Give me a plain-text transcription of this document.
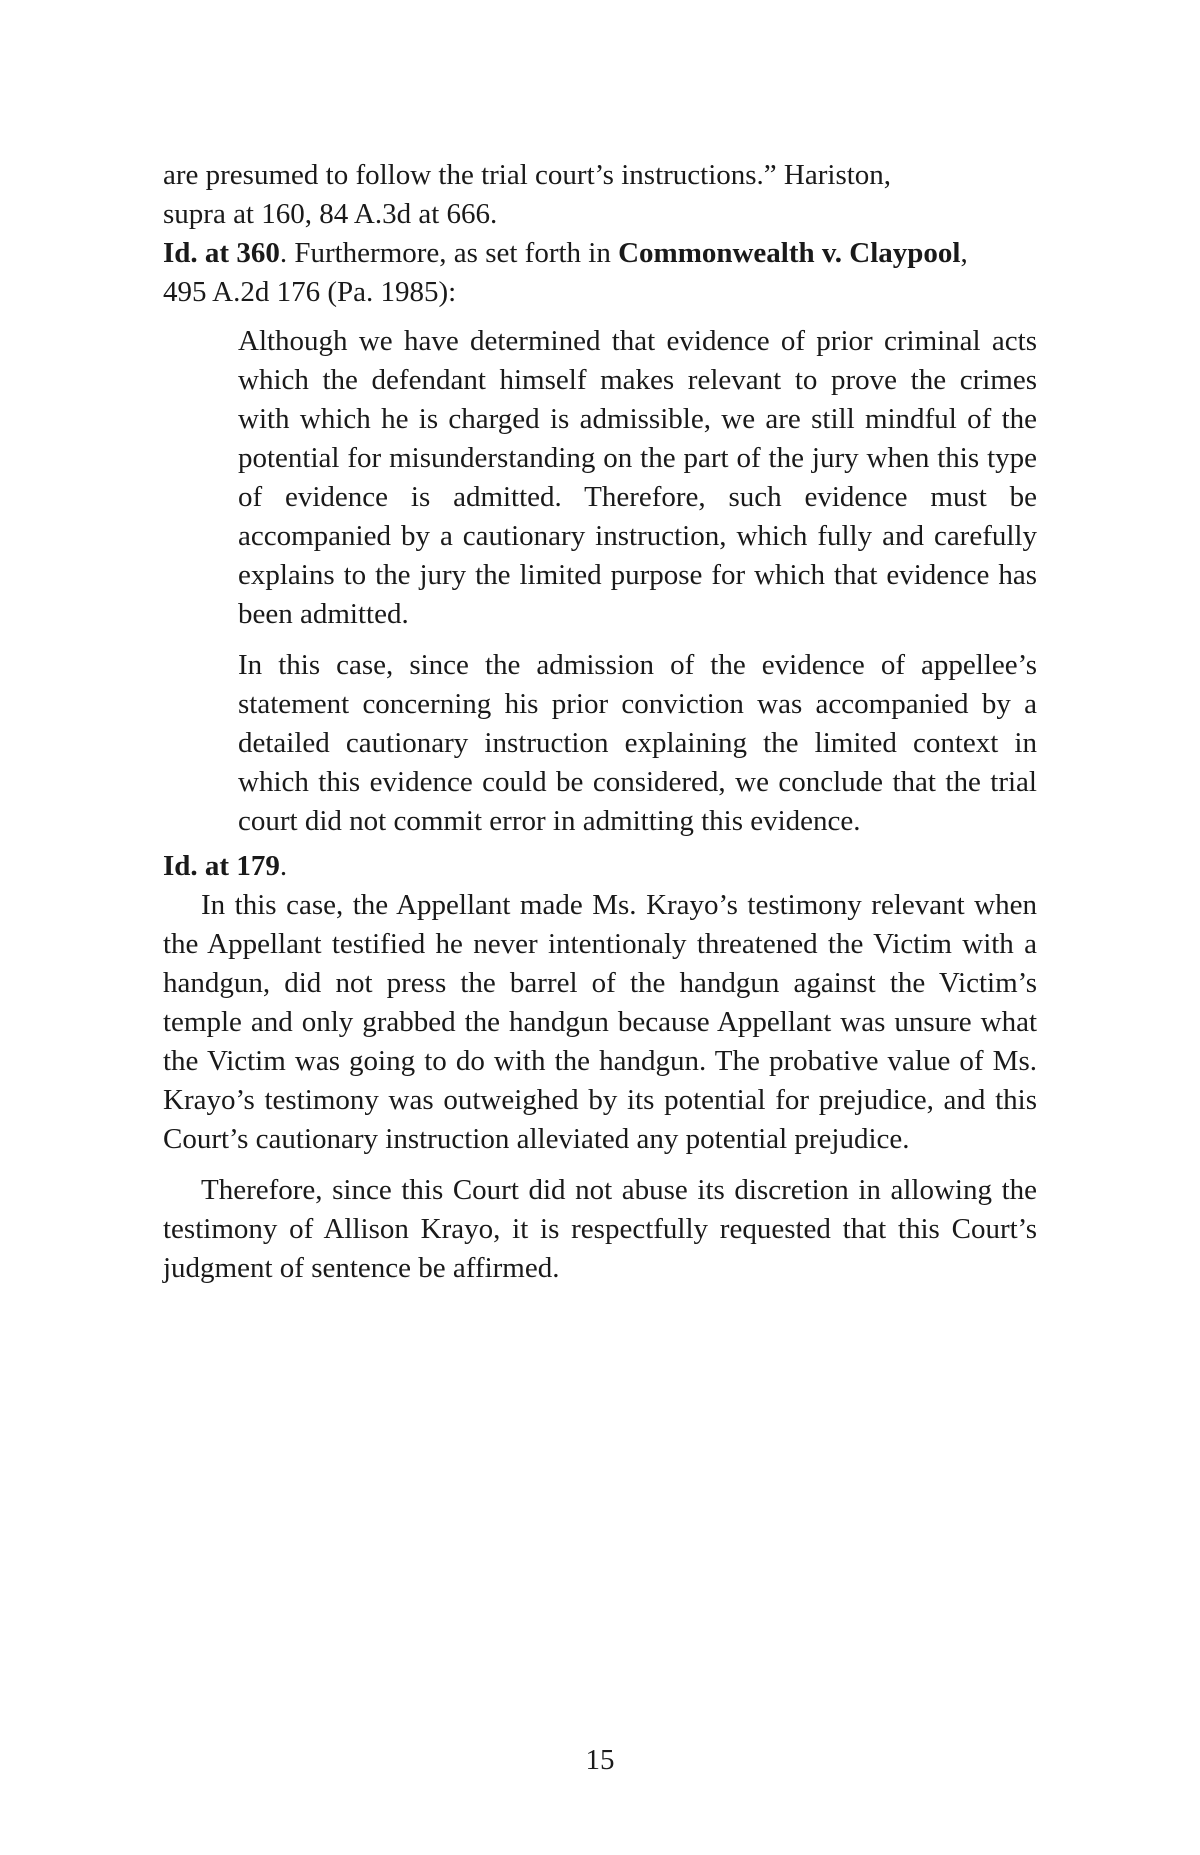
are presumed to follow the trial court’s instructions.” Hariston,
supra at 160, 84 A.3d at 666.

Id. at 360. Furthermore, as set forth in Commonwealth v. Claypool,
495 A.2d 176 (Pa. 1985):

Although we have determined that evidence of prior criminal acts which the defendant himself makes relevant to prove the crimes with which he is charged is admissible, we are still mindful of the potential for misunderstanding on the part of the jury when this type of evidence is admitted. Therefore, such evidence must be accompanied by a cautionary instruction, which fully and carefully explains to the jury the limited purpose for which that evidence has been admitted.

In this case, since the admission of the evidence of appellee’s statement concerning his prior conviction was accompanied by a detailed cautionary instruction explaining the limited context in which this evidence could be considered, we conclude that the trial court did not commit error in admitting this evidence.

Id. at 179.

In this case, the Appellant made Ms. Krayo’s testimony relevant when the Appellant testified he never intentionaly threatened the Victim with a handgun, did not press the barrel of the handgun against the Victim’s temple and only grabbed the handgun because Appellant was unsure what the Victim was going to do with the handgun. The probative value of Ms. Krayo’s testimony was outweighed by its potential for prejudice, and this Court’s cautionary instruction alleviated any potential prejudice.

Therefore, since this Court did not abuse its discretion in allowing the testimony of Allison Krayo, it is respectfully requested that this Court’s judgment of sentence be affirmed.

15
